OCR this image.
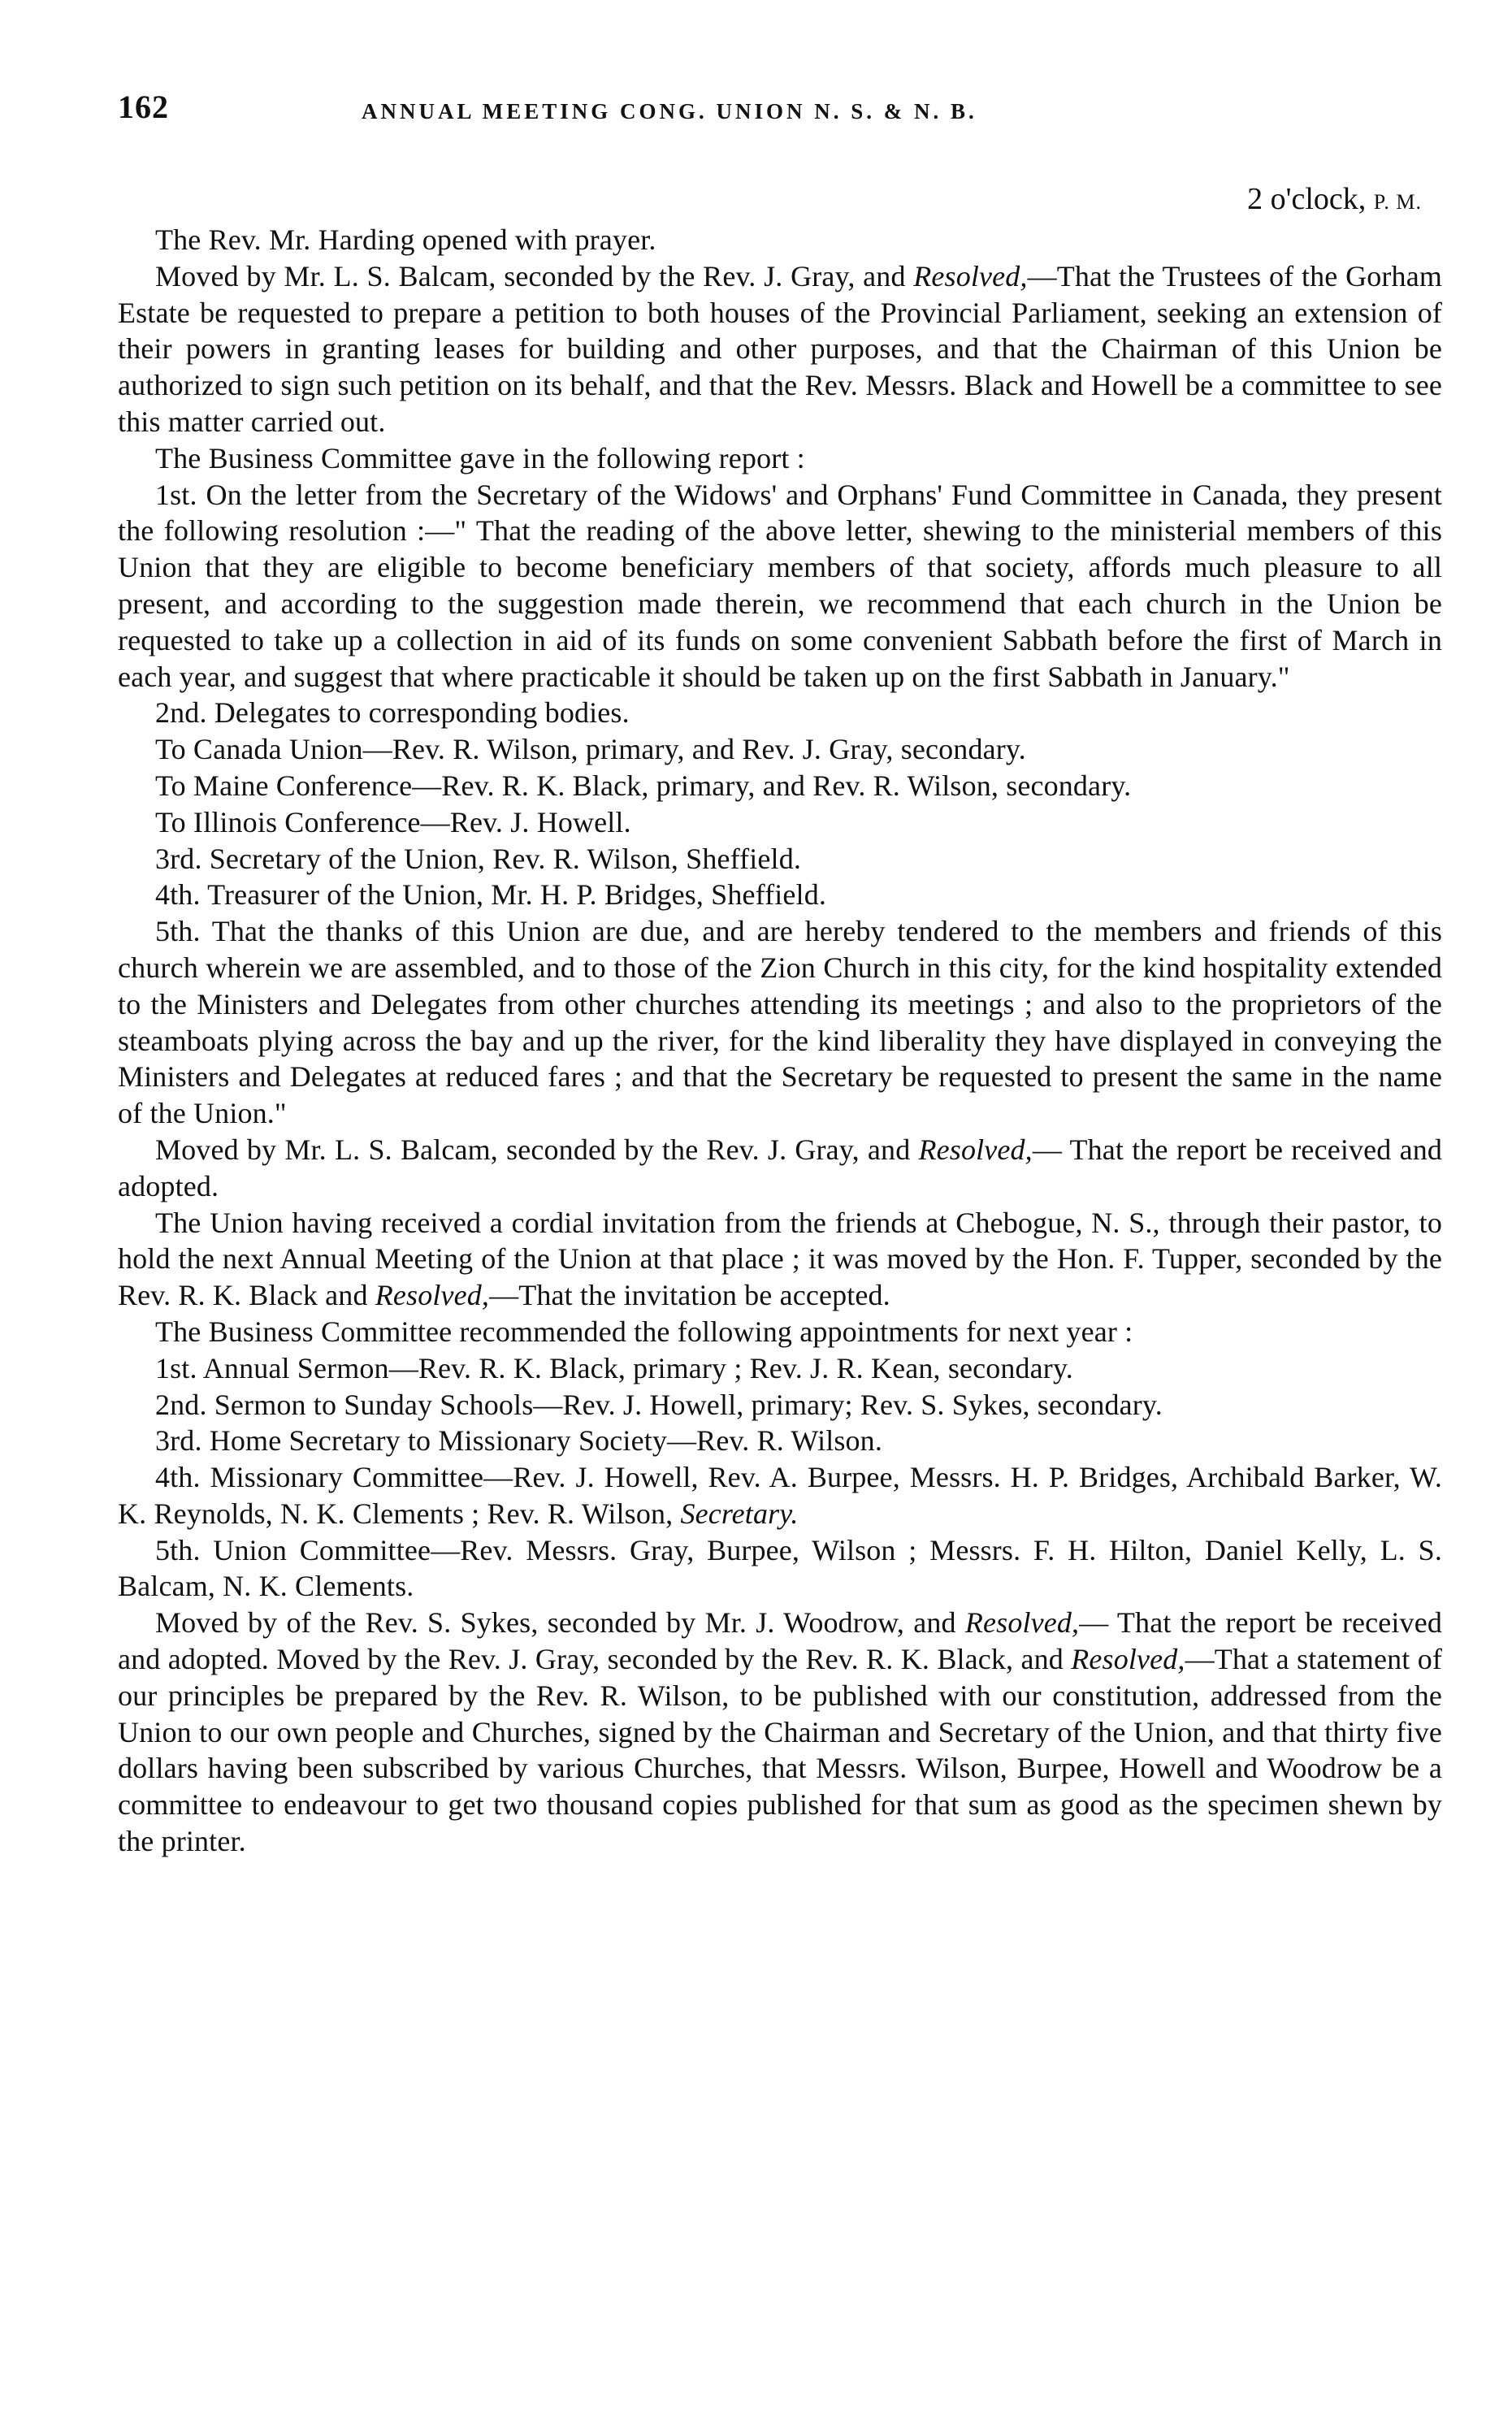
162	ANNUAL MEETING CONG. UNION N. S. & N. B.
2 o'clock, P. M.

The Rev. Mr. Harding opened with prayer.

Moved by Mr. L. S. Balcam, seconded by the Rev. J. Gray, and Resolved,—That the Trustees of the Gorham Estate be requested to prepare a petition to both houses of the Provincial Parliament, seeking an extension of their powers in granting leases for building and other purposes, and that the Chairman of this Union be authorized to sign such petition on its behalf, and that the Rev. Messrs. Black and Howell be a committee to see this matter carried out.

The Business Committee gave in the following report :

1st. On the letter from the Secretary of the Widows' and Orphans' Fund Committee in Canada, they present the following resolution :—" That the reading of the above letter, shewing to the ministerial members of this Union that they are eligible to become beneficiary members of that society, affords much pleasure to all present, and according to the suggestion made therein, we recommend that each church in the Union be requested to take up a collection in aid of its funds on some convenient Sabbath before the first of March in each year, and suggest that where practicable it should be taken up on the first Sabbath in January."

2nd. Delegates to corresponding bodies.

To Canada Union—Rev. R. Wilson, primary, and Rev. J. Gray, secondary.

To Maine Conference—Rev. R. K. Black, primary, and Rev. R. Wilson, secondary.

To Illinois Conference—Rev. J. Howell.

3rd. Secretary of the Union, Rev. R. Wilson, Sheffield.

4th. Treasurer of the Union, Mr. H. P. Bridges, Sheffield.

5th. That the thanks of this Union are due, and are hereby tendered to the members and friends of this church wherein we are assembled, and to those of the Zion Church in this city, for the kind hospitality extended to the Ministers and Delegates from other churches attending its meetings ; and also to the proprietors of the steamboats plying across the bay and up the river, for the kind liberality they have displayed in conveying the Ministers and Delegates at reduced fares ; and that the Secretary be requested to present the same in the name of the Union."

Moved by Mr. L. S. Balcam, seconded by the Rev. J. Gray, and Resolved,— That the report be received and adopted.

The Union having received a cordial invitation from the friends at Chebogue, N. S., through their pastor, to hold the next Annual Meeting of the Union at that place ; it was moved by the Hon. F. Tupper, seconded by the Rev. R. K. Black and Resolved,—That the invitation be accepted.

The Business Committee recommended the following appointments for next year :

1st. Annual Sermon—Rev. R. K. Black, primary ; Rev. J. R. Kean, secondary.

2nd. Sermon to Sunday Schools—Rev. J. Howell, primary; Rev. S. Sykes, secondary.

3rd. Home Secretary to Missionary Society—Rev. R. Wilson.

4th. Missionary Committee—Rev. J. Howell, Rev. A. Burpee, Messrs. H. P. Bridges, Archibald Barker, W. K. Reynolds, N. K. Clements ; Rev. R. Wilson, Secretary.

5th. Union Committee—Rev. Messrs. Gray, Burpee, Wilson ; Messrs. F. H. Hilton, Daniel Kelly, L. S. Balcam, N. K. Clements.

Moved by of the Rev. S. Sykes, seconded by Mr. J. Woodrow, and Resolved,— That the report be received and adopted. Moved by the Rev. J. Gray, seconded by the Rev. R. K. Black, and Resolved,—That a statement of our principles be prepared by the Rev. R. Wilson, to be published with our constitution, addressed from the Union to our own people and Churches, signed by the Chairman and Secretary of the Union, and that thirty five dollars having been subscribed by various Churches, that Messrs. Wilson, Burpee, Howell and Woodrow be a committee to endeavour to get two thousand copies published for that sum as good as the specimen shewn by the printer.
